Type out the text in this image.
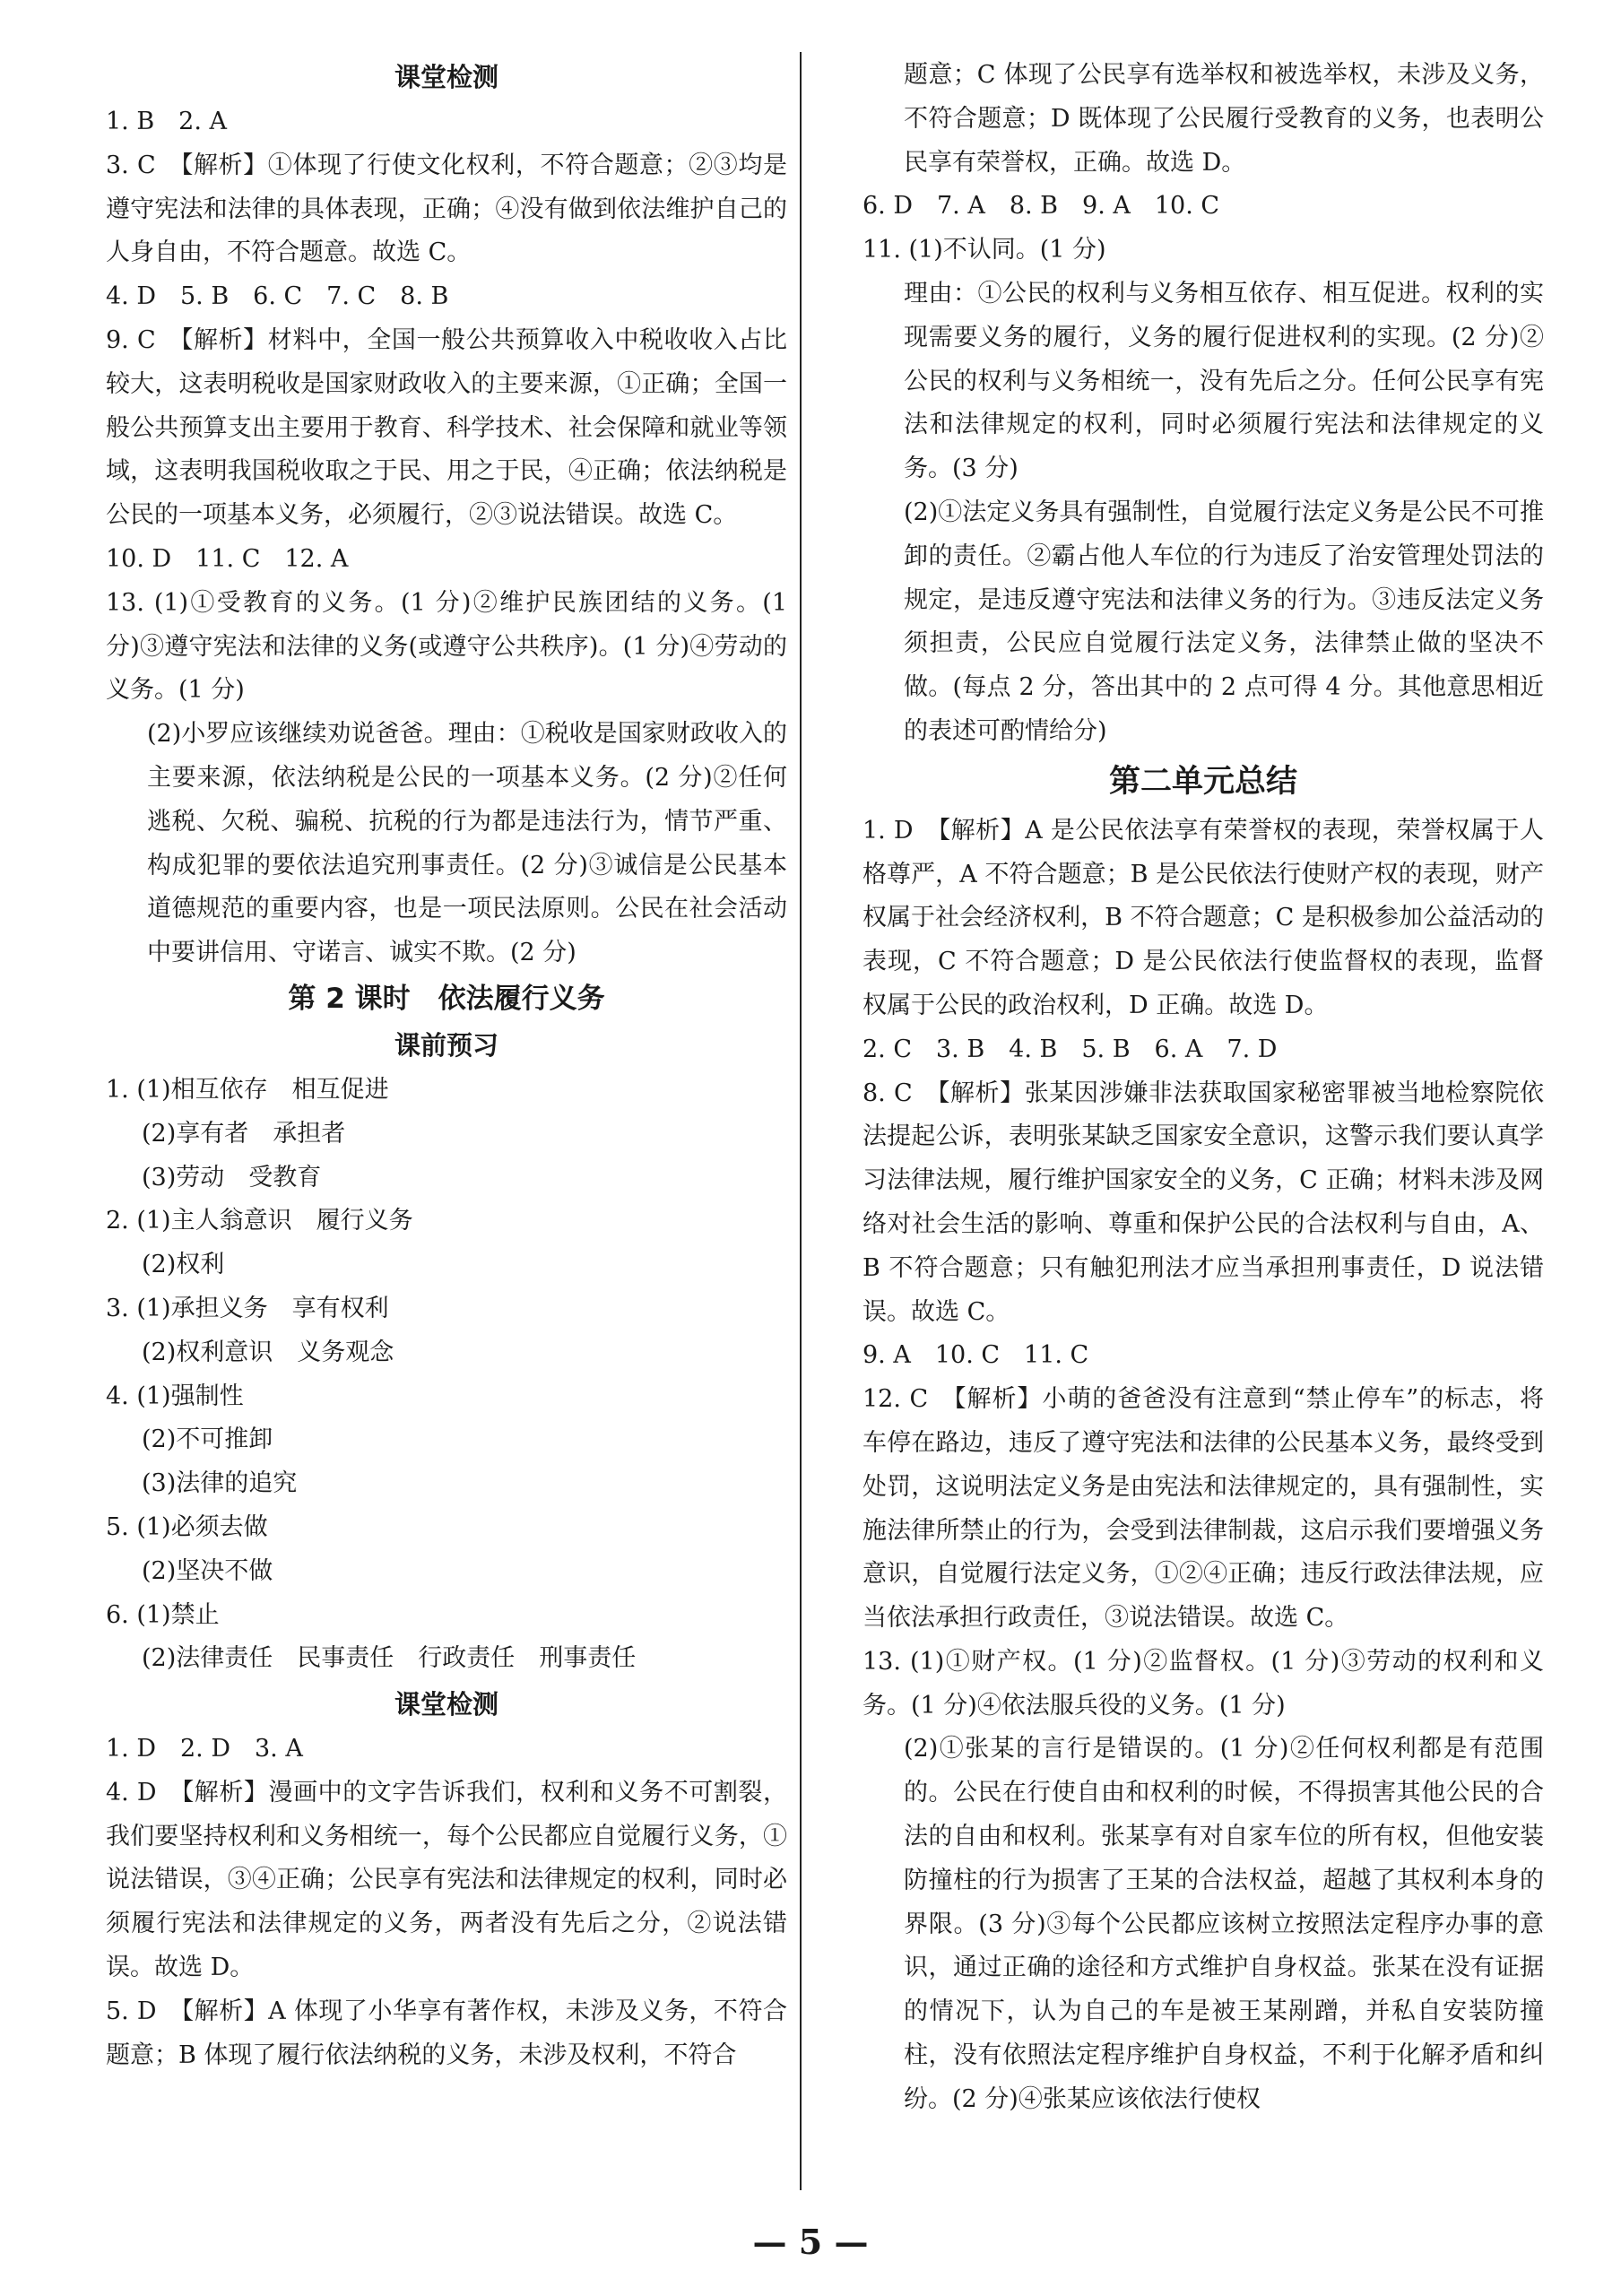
课堂检测

1. B　2. A

3. C　【解析】①体现了行使文化权利，不符合题意；②③均是遵守宪法和法律的具体表现，正确；④没有做到依法维护自己的人身自由，不符合题意。故选 C。

4. D　5. B　6. C　7. C　8. B

9. C　【解析】材料中，全国一般公共预算收入中税收收入占比较大，这表明税收是国家财政收入的主要来源，①正确；全国一般公共预算支出主要用于教育、科学技术、社会保障和就业等领域，这表明我国税收取之于民、用之于民，④正确；依法纳税是公民的一项基本义务，必须履行，②③说法错误。故选 C。

10. D　11. C　12. A

13. (1)①受教育的义务。(1 分)②维护民族团结的义务。(1 分)③遵守宪法和法律的义务(或遵守公共秩序)。(1 分)④劳动的义务。(1 分)

(2)小罗应该继续劝说爸爸。理由：①税收是国家财政收入的主要来源，依法纳税是公民的一项基本义务。(2 分)②任何逃税、欠税、骗税、抗税的行为都是违法行为，情节严重、构成犯罪的要依法追究刑事责任。(2 分)③诚信是公民基本道德规范的重要内容，也是一项民法原则。公民在社会活动中要讲信用、守诺言、诚实不欺。(2 分)

第 2 课时　依法履行义务

课前预习

1. (1)相互依存　相互促进

(2)享有者　承担者

(3)劳动　受教育

2. (1)主人翁意识　履行义务

(2)权利

3. (1)承担义务　享有权利

(2)权利意识　义务观念

4. (1)强制性

(2)不可推卸

(3)法律的追究

5. (1)必须去做

(2)坚决不做

6. (1)禁止

(2)法律责任　民事责任　行政责任　刑事责任

课堂检测

1. D　2. D　3. A

4. D　【解析】漫画中的文字告诉我们，权利和义务不可割裂，我们要坚持权利和义务相统一，每个公民都应自觉履行义务，①说法错误，③④正确；公民享有宪法和法律规定的权利，同时必须履行宪法和法律规定的义务，两者没有先后之分，②说法错误。故选 D。

5. D　【解析】A 体现了小华享有著作权，未涉及义务，不符合题意；B 体现了履行依法纳税的义务，未涉及权利，不符合

题意；C 体现了公民享有选举权和被选举权，未涉及义务，不符合题意；D 既体现了公民履行受教育的义务，也表明公民享有荣誉权，正确。故选 D。

6. D　7. A　8. B　9. A　10. C

11. (1)不认同。(1 分)

理由：①公民的权利与义务相互依存、相互促进。权利的实现需要义务的履行，义务的履行促进权利的实现。(2 分)②公民的权利与义务相统一，没有先后之分。任何公民享有宪法和法律规定的权利，同时必须履行宪法和法律规定的义务。(3 分)

(2)①法定义务具有强制性，自觉履行法定义务是公民不可推卸的责任。②霸占他人车位的行为违反了治安管理处罚法的规定，是违反遵守宪法和法律义务的行为。③违反法定义务须担责，公民应自觉履行法定义务，法律禁止做的坚决不做。(每点 2 分，答出其中的 2 点可得 4 分。其他意思相近的表述可酌情给分)

第二单元总结

1. D　【解析】A 是公民依法享有荣誉权的表现，荣誉权属于人格尊严，A 不符合题意；B 是公民依法行使财产权的表现，财产权属于社会经济权利，B 不符合题意；C 是积极参加公益活动的表现，C 不符合题意；D 是公民依法行使监督权的表现，监督权属于公民的政治权利，D 正确。故选 D。

2. C　3. B　4. B　5. B　6. A　7. D

8. C　【解析】张某因涉嫌非法获取国家秘密罪被当地检察院依法提起公诉，表明张某缺乏国家安全意识，这警示我们要认真学习法律法规，履行维护国家安全的义务，C 正确；材料未涉及网络对社会生活的影响、尊重和保护公民的合法权利与自由，A、B 不符合题意；只有触犯刑法才应当承担刑事责任，D 说法错误。故选 C。

9. A　10. C　11. C

12. C　【解析】小萌的爸爸没有注意到“禁止停车”的标志，将车停在路边，违反了遵守宪法和法律的公民基本义务，最终受到处罚，这说明法定义务是由宪法和法律规定的，具有强制性，实施法律所禁止的行为，会受到法律制裁，这启示我们要增强义务意识，自觉履行法定义务，①②④正确；违反行政法律法规，应当依法承担行政责任，③说法错误。故选 C。

13. (1)①财产权。(1 分)②监督权。(1 分)③劳动的权利和义务。(1 分)④依法服兵役的义务。(1 分)

(2)①张某的言行是错误的。(1 分)②任何权利都是有范围的。公民在行使自由和权利的时候，不得损害其他公民的合法的自由和权利。张某享有对自家车位的所有权，但他安装防撞柱的行为损害了王某的合法权益，超越了其权利本身的界限。(3 分)③每个公民都应该树立按照法定程序办事的意识，通过正确的途径和方式维护自身权益。张某在没有证据的情况下，认为自己的车是被王某剐蹭，并私自安装防撞柱，没有依照法定程序维护自身权益，不利于化解矛盾和纠纷。(2 分)④张某应该依法行使权

— 5 —
